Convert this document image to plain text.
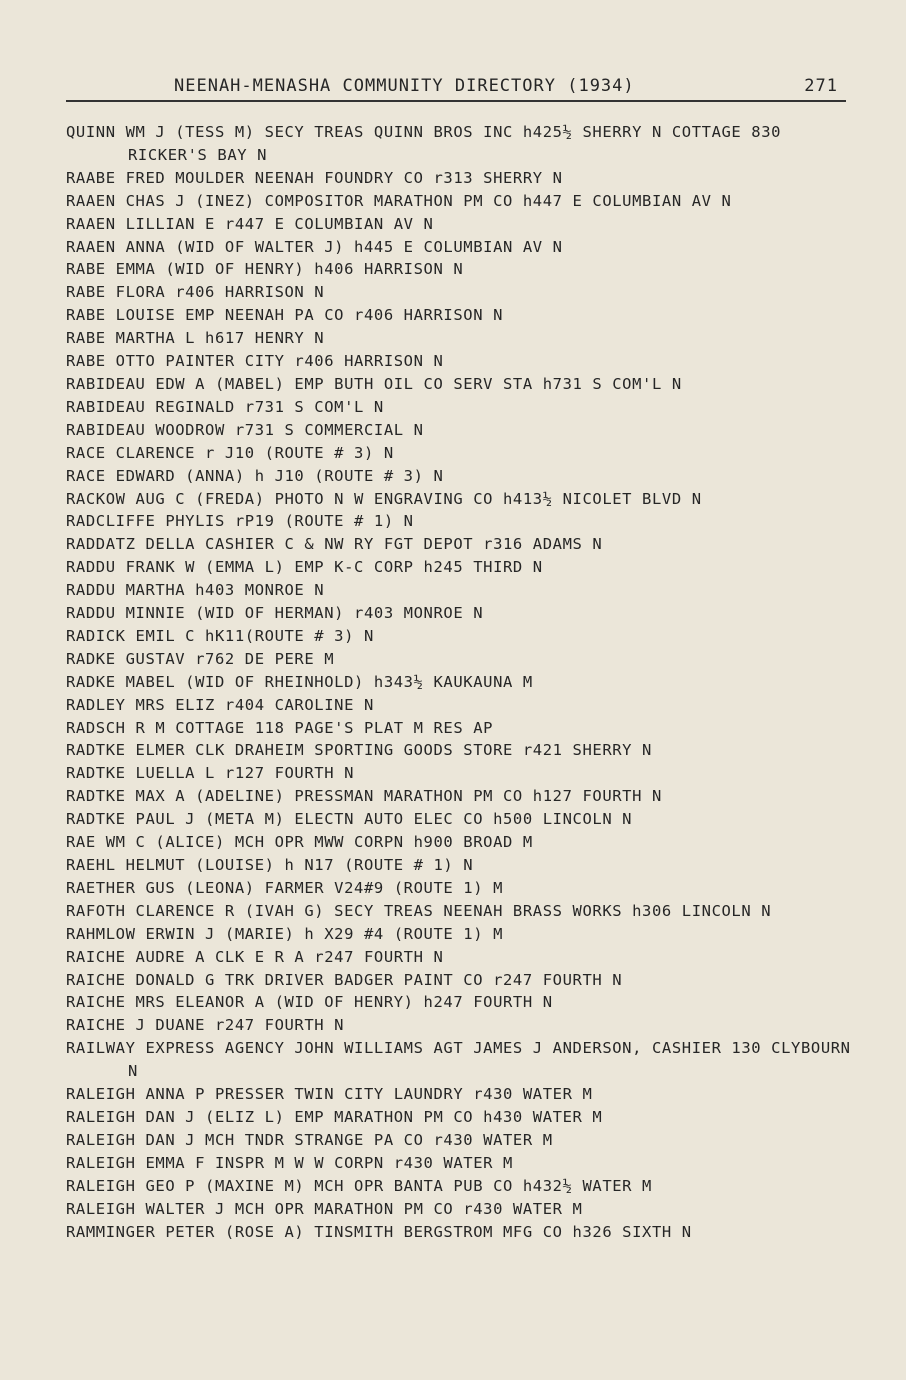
NEENAH-MENASHA COMMUNITY DIRECTORY (1934)	271
QUINN WM J (TESS M) SECY TREAS QUINN BROS INC h425½ SHERRY N COTTAGE 830 RICKER'S BAY N
RAABE FRED MOULDER NEENAH FOUNDRY CO r313 SHERRY N
RAAEN CHAS J (INEZ) COMPOSITOR MARATHON PM CO h447 E COLUMBIAN AV N
RAAEN LILLIAN E r447 E COLUMBIAN AV N
RAAEN ANNA (WID OF WALTER J) h445 E COLUMBIAN AV N
RABE EMMA (WID OF HENRY) h406 HARRISON N
RABE FLORA r406 HARRISON N
RABE LOUISE EMP NEENAH PA CO r406 HARRISON N
RABE MARTHA L h617 HENRY N
RABE OTTO PAINTER CITY r406 HARRISON N
RABIDEAU EDW A (MABEL) EMP BUTH OIL CO SERV STA h731 S COM'L N
RABIDEAU REGINALD r731 S COM'L N
RABIDEAU WOODROW r731 S COMMERCIAL N
RACE CLARENCE r J10 (ROUTE # 3) N
RACE EDWARD (ANNA) h J10 (ROUTE # 3) N
RACKOW AUG C (FREDA) PHOTO N W ENGRAVING CO h413½ NICOLET BLVD N
RADCLIFFE PHYLIS rP19 (ROUTE # 1) N
RADDATZ DELLA CASHIER C & NW RY FGT DEPOT r316 ADAMS N
RADDU FRANK W (EMMA L) EMP K-C CORP h245 THIRD N
RADDU MARTHA h403 MONROE N
RADDU MINNIE (WID OF HERMAN) r403 MONROE N
RADICK EMIL C hK11(ROUTE # 3) N
RADKE GUSTAV r762 DE PERE M
RADKE MABEL (WID OF RHEINHOLD) h343½ KAUKAUNA M
RADLEY MRS ELIZ r404 CAROLINE N
RADSCH R M COTTAGE 118 PAGE'S PLAT M RES AP
RADTKE ELMER CLK DRAHEIM SPORTING GOODS STORE r421 SHERRY N
RADTKE LUELLA L r127 FOURTH N
RADTKE MAX A (ADELINE) PRESSMAN MARATHON PM CO h127 FOURTH N
RADTKE PAUL J (META M) ELECTN AUTO ELEC CO h500 LINCOLN N
RAE WM C (ALICE) MCH OPR MWW CORPN h900 BROAD M
RAEHL HELMUT (LOUISE) h N17 (ROUTE # 1) N
RAETHER GUS (LEONA) FARMER V24#9 (ROUTE 1) M
RAFOTH CLARENCE R (IVAH G) SECY TREAS NEENAH BRASS WORKS h306 LINCOLN N
RAHMLOW ERWIN J (MARIE) h X29 #4 (ROUTE 1) M
RAICHE AUDRE A CLK E R A r247 FOURTH N
RAICHE DONALD G TRK DRIVER BADGER PAINT CO r247 FOURTH N
RAICHE MRS ELEANOR A (WID OF HENRY) h247 FOURTH N
RAICHE J DUANE r247 FOURTH N
RAILWAY EXPRESS AGENCY JOHN WILLIAMS AGT JAMES J ANDERSON, CASHIER 130 CLYBOURN N
RALEIGH ANNA P PRESSER TWIN CITY LAUNDRY r430 WATER M
RALEIGH DAN J (ELIZ L) EMP MARATHON PM CO h430 WATER M
RALEIGH DAN J MCH TNDR STRANGE PA CO r430 WATER M
RALEIGH EMMA F INSPR M W W CORPN r430 WATER M
RALEIGH GEO P (MAXINE M) MCH OPR BANTA PUB CO h432½ WATER M
RALEIGH WALTER J MCH OPR MARATHON PM CO r430 WATER M
RAMMINGER PETER (ROSE A) TINSMITH BERGSTROM MFG CO h326 SIXTH N
